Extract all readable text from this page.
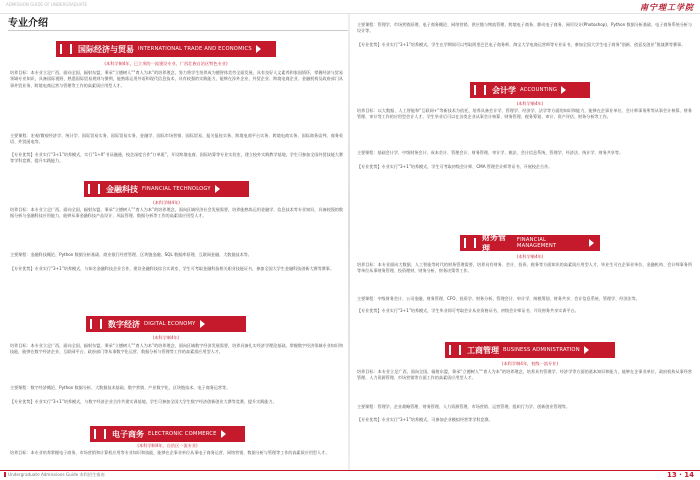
ADMISSION GUIDE OF UNDERGRADUATE	南宁理工学院
专业介绍
国际经济与贸易 INTERNATIONAL TRADE AND ECONOMICS
(本科学制4年，已立项的一流建设专业，广西壮族自治区特色专业)
培养目标：本专业立足广西，面向全国，辐射东盟，秉承“立德树人”“育人为本”的培养理念，努力将学生培养成为德智体美劳全面发展，具有良好人文素养和家国情怀，掌握经济与贸易领域专业知识，具备国际视野，熟悉国际贸易规则与惯例，能熟练运用外语和现代信息技术，具有较强的实践能力，能够在涉外企业、外贸企业、跨境电商企业、金融机构及政府部门从事外贸业务、跨境电商运营与管理等工作的高素质应用型人才。
主要课程：宏观/微观经济学、统计学、国际贸易实务、国际贸易实务、金融学、国际市场营销、国际贸易、报关报检实务、跨境电商平台实务、跨境电商实务、国际商务谈判、商务英语、外贸函电等。
【专业优势】专业实行“3+1”培养模式，实行“1+X”书证融通，校企深度合作“订单班”，开设跨境电商、国际结算等专业实验室，建立校外实践教学基地，学生可参加全国外贸技能大赛等学科竞赛，提升实践能力。
金融科技 FINANCIAL TECHNOLOGY
(本科学制4年)
培养目标：本专业立足广西，面向全国，辐射东盟，秉承“立德树人”“育人为本”的培养理念，面向区域经济社会发展需要，培养能熟练运用金融学、信息技术等专业知识，具备较强的数据分析与金融科技应用能力，能够从事金融科技产品设计、风险管理、数据分析等工作的高素质应用型人才。
主要课程：金融科技概论、Python 数据分析基础、商业银行经营管理、区块链金融、SQL 数据库原理、互联网金融、大数据技术等。
【专业优势】专业实行“3+1”培养模式，与知名金融科技企业合作，建设金融科技综合实训室，学生可考取金融科技相关职业技能证书，参加全国大学生金融科技创新大赛等赛事。
数字经济 DIGITAL ECONOMY
(本科学制4年)
培养目标：本专业立足广西，面向全国，辐射东盟，秉承“立德树人”“育人为本”的培养理念，面向区域数字经济发展需要，培养具备扎实经济学理论基础，掌握数字经济领域专业知识和技能，能够在数字经济企业、互联网平台、政府部门等从事数字化运营、数据分析与管理等工作的高素质应用型人才。
主要课程：数字经济概论、Python 数据分析、大数据技术基础、数字营销、产业数字化、区块链技术、电子商务运营等。
【专业优势】专业实行“3+1”培养模式，与数字经济企业合作共建实训基地，学生可参加全国大学生数字经济创新创业大赛等竞赛，提升实践能力。
电子商务 ELECTRONIC COMMERCE
(本科学制4年，自治区一流专业)
培养目标：本专业培养掌握电子商务、市场营销和计算机应用等专业知识和技能，能够在企事业单位从事电子商务运营、网络营销、数据分析与管理等工作的高素质应用型人才。
主要课程：管理学、市场营销原理、电子商务概论、网络营销、供应链与物流管理、跨境电子商务、移动电子商务、网页设计(Photoshop)、Python 数据分析基础、电子商务系统分析与设计等。
【专业优势】专业实行“3+1”培养模式，学生在学期间可以考取阿里巴巴电子商务师、淘宝大学电商运营师等专业证书，参加全国大学生电子商务“创新、创意及创业”挑战赛等赛事。
会计学 ACCOUNTING
(本科学制4年)
培养目标：以大数据、人工智能和“互联网+”等新技术为依托，培养具备会计学、管理学、经济学、法学等方面的知识和能力，能够在企事业单位、会计师事务所等从事会计核算、财务管理、审计等工作的应用型会计人才。学生毕业后可以在各类企业从事会计核算、财务管理、税务筹划、审计、资产评估、财务分析等工作。
主要课程：基础会计学、中级财务会计、成本会计、管理会计、财务管理、审计学、税法、会计信息系统、管理学、经济法、统计学、财务共享等。
【专业优势】专业实行“3+1”培养模式，学生可考取初级会计师、CMA 管理会计师等证书，开展校企合作。
财务管理
FINANCIAL MANAGEMENT
(本科学制4年)
培养目标：本专业面向大数据、人工智能等时代的财务管理需要，培养具有财务、会计、投资、税务等方面知识的高素质应用型人才，毕业生可在企事业单位、金融机构、会计师事务所等单位从事财务管理、投资理财、财务分析、财务决策等工作。
主要课程：中级财务会计、公司金融、财务管理、CFO、投资学、财务分析、管理会计、审计学、纳税筹划、财务共享、会计信息系统、管理学、经济法等。
【专业优势】专业实行“3+1”培养模式，学生毕业即可考取会计从业资格证书、初级会计师证书，开设财务共享实训平台。
工商管理 BUSINESS ADMINISTRATION
(本科学制4年，校级一流专业)
培养目标：本专业立足广西，面向全国，辐射东盟，秉承“立德树人”“育人为本”的培养理念，培养具有管理学、经济学等方面的基本知识和能力，能够在企事业单位、政府机构从事经营管理、人力资源管理、市场营销等方面工作的高素质应用型人才。
主要课程：管理学、企业战略管理、财务管理、人力资源管理、市场营销、运营管理、组织行为学、创新创业管理等。
【专业优势】专业实行“3+1”培养模式，可参加企业模拟经营等学科竞赛。
Undergraduate Admissions Guide 本科招生指南	13 · 14
